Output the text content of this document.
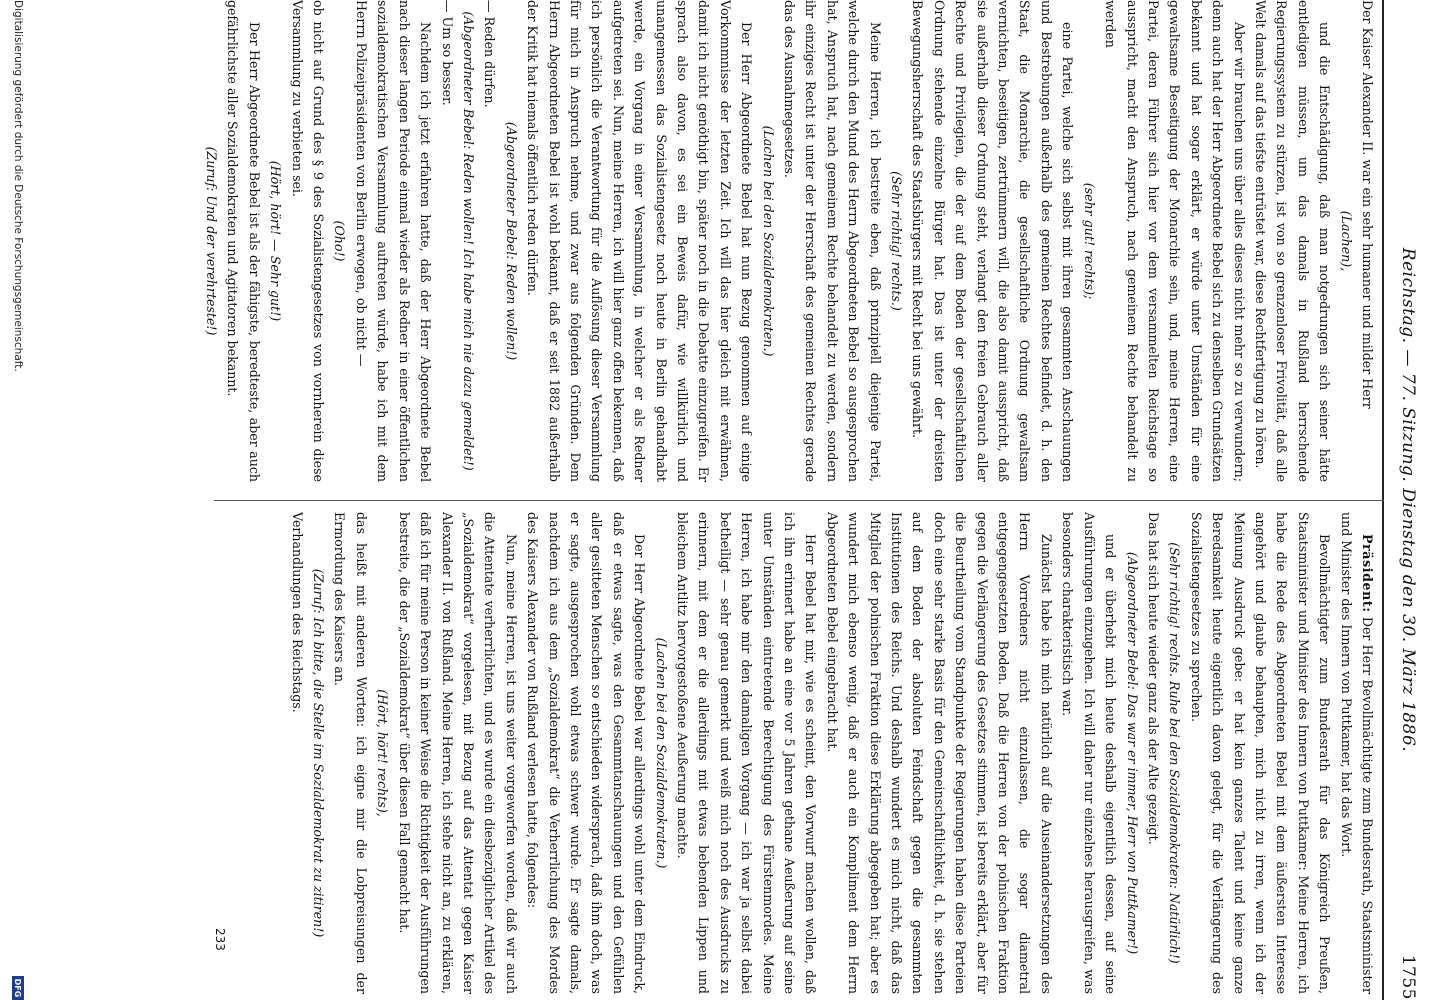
Reichstag. — 77. Sitzung. Dienstag den 30. März 1886.
1755

Der Kaiser Alexander II. war ein sehr humaner und milder Herr

(Lachen),

und die Entschädigung, daß man notgedrungen sich seiner hätte entledigen müssen, um das damals in Rußland herrschende Regierungssystem zu stürzen, ist von so grenzenloser Frivolität, daß alle Welt damals auf das tiefste entrüstet war, diese Rechtfertigung zu hören.

Aber wir brauchen uns über alles dieses nicht mehr so zu verwundern; denn auch hat der Herr Abgeordnete Bebel sich zu denselben Grundsätzen bekannt und hat sogar erklärt, er würde unter Umständen für eine gewaltsame Beseitigung der Monarchie sein, und, meine Herren, eine Partei, deren Führer sich hier vor dem versammelten Reichstage so ausspricht, macht den Anspruch, nach gemeinem Rechte behandelt zu werden

(sehr gut! rechts);

eine Partei, welche sich selbst mit ihren gesammten Anschauungen und Bestrebungen außerhalb des gemeinen Rechtes befindet, d. h. den Staat, die Monarchie, die gesellschaftliche Ordnung gewaltsam vernichten, beseitigen, zertrümmern will, die also damit ausspricht, daß sie außerhalb dieser Ordnung steht, verlangt den freien Gebrauch aller Rechte und Privilegien, die der auf dem Boden der gesellschaftlichen Ordnung stehende einzelne Bürger hat. Das ist unter der dreisten Bewegungsherrschaft des Staatsbürgers mit Recht bei uns gewährt.

(Sehr richtig! rechts.)

Meine Herren, ich bestreite eben, daß prinzipiell diejenige Partei, welche durch den Mund des Herrn Abgeordneten Bebel so ausgesprochen hat, Anspruch hat, nach gemeinem Rechte behandelt zu werden, sondern ihr einziges Recht ist unter der Herrschaft des gemeinen Rechtes gerade das des Ausnahmegesetzes.

(Lachen bei den Sozialdemokraten.)

Der Herr Abgeordnete Bebel hat nun Bezug genommen auf einige Vorkommnisse der letzten Zeit. Ich will das hier gleich mit erwähnen, damit ich nicht genöthigt bin, später noch in die Debatte einzugreifen. Er sprach also davon, es sei ein Beweis dafür, wie willkürlich und unangemessen das Sozialistengesetz noch heute in Berlin gehandhabt werde, ein Vorgang in einer Versammlung, in welcher er als Redner aufgetreten sei. Nun, meine Herren, ich will hier ganz offen bekennen, daß ich persönlich die Verantwortung für die Auflösung dieser Versammlung für mich in Anspruch nehme, und zwar aus folgenden Gründen. Dem Herrn Abgeordneten Bebel ist wohl bekannt, daß er seit 1882 außerhalb der Kritik hat niemals öffentlich reden dürfen.

(Abgeordneter Bebel: Reden wollen!)

— Reden dürfen.

(Abgeordneter Bebel: Reden wollen! Ich habe mich nie dazu gemeldet!)

— Um so besser.

Nachdem ich jetzt erfahren hatte, daß der Herr Abgeordnete Bebel nach dieser langen Periode einmal wieder als Redner in einer öffentlichen sozialdemokratischen Versammlung auftreten würde, habe ich mit dem Herrn Polizeipräsidenten von Berlin erwogen, ob nicht —

(Oho!)

ob nicht auf Grund des § 9 des Sozialistengesetzes von vornherein diese Versammlung zu verbieten sei.

(Hört, hört! — Sehr gut!)

Der Herr Abgeordnete Bebel ist als der fähigste, beredteste, aber auch gefährlichste aller Sozialdemokraten und Agitatoren bekannt.

(Zuruf: Und der verehrteste!)

Präsident: Der Herr Bevollmächtigte zum Bundesrath, Staatsminister und Minister des Innern von Puttkamer, hat das Wort.

Bevollmächtigter zum Bundesrath für das Königreich Preußen, Staatsminister und Minister des Innern von Puttkamer: Meine Herren, ich habe die Rede des Abgeordneten Bebel mit dem äußersten Interesse angehört und glaube behaupten, mich nicht zu irren, wenn ich der Meinung Ausdruck gebe: er hat kein ganzes Talent und keine ganze Beredsamkeit heute eigentlich davon gelegt, für die Verlängerung des Sozialistengesetzes zu sprechen.

(Sehr richtig! rechts. Ruhe bei den Sozialdemokraten: Natürlich!)

Das hat sich heute wieder ganz als der Alte gezeigt.

(Abgeordneter Bebel: Das war er immer, Herr von Puttkamer!)

und er überhebt mich heute deshalb eigentlich dessen, auf seine Ausführungen einzugehen. Ich will daher nur einzelnes herausgreifen, was besonders charakteristisch war.

Zunächst habe ich mich natürlich auf die Auseinandersetzungen des Herrn Vorredners nicht einzulassen, die sogar diametral entgegengesetzten Boden. Daß die Herren von der polnischen Fraktion gegen die Verlängerung des Gesetzes stimmen, ist bereits erklärt, aber für die Beurtheilung vom Standpunkte der Regierungen haben diese Parteien doch eine sehr starke Basis für den Gemeinschaftlichkeit, d. h. sie stehen auf dem Boden der absoluten Feindschaft gegen die gesammten Institutionen des Reichs. Und deshalb wundert es mich nicht, daß das Mitglied der polnischen Fraktion diese Erklärung abgegeben hat; aber es wundert mich ebenso wenig, daß er auch ein Kompliment dem Herrn Abgeordneten Bebel eingebracht hat.

Herr Bebel hat mir, wie es scheint, den Vorwurf machen wollen, daß ich ihn erinnert habe an eine vor 5 Jahren gethane Aeußerung auf seine unter Umständen eintretende Berechtigung des Fürstenmordes. Meine Herren, ich habe mir den damaligen Vorgang — ich war ja selbst dabei betheiligt — sehr genau gemerkt und weiß mich noch des Ausdrucks zu erinnern, mit dem er die allerdings mit etwas bebenden Lippen und bleichem Antlitz hervorgestoßene Aeußerung machte.

(Lachen bei den Sozialdemokraten.)

Der Herr Abgeordnete Bebel war allerdings wohl unter dem Eindruck, daß er etwas sagte, was den Gesammtanschauungen und den Gefühlen aller gesitteten Menschen so entschieden widersprach, daß ihm doch, was er sagte, ausgesprochen wohl etwas schwer wurde. Er sagte damals, nachdem ich aus dem „Sozialdemokrat“ die Verherrlichung des Mordes des Kaisers Alexander von Rußland verlesen hatte, folgendes:

Nun, meine Herren, ist uns weiter vorgeworfen worden, daß wir auch die Attentate verherrlichten, und es wurde ein diesbezüglicher Artikel des „Sozialdemokrat“ vorgelesen, mit Bezug auf das Attentat gegen Kaiser Alexander II. von Rußland. Meine Herren, ich stehe nicht an, zu erklären, daß ich für meine Person in keiner Weise die Richtigkeit der Ausführungen bestreite, die der „Sozialdemokrat“ über diesen Fall gemacht hat.

(Hört, hört! rechts),

das heißt mit anderen Worten: ich eigne mir die Lobpreisungen der Ermordung des Kaisers an.

(Zuruf: Ich bitte, die Stelle im Sozialdemokrat zu zitiren!)

Verhandlungen des Reichstags.

233
Digitalisierung gefördert durch die Deutsche Forschungsgemeinschaft.
DFG
